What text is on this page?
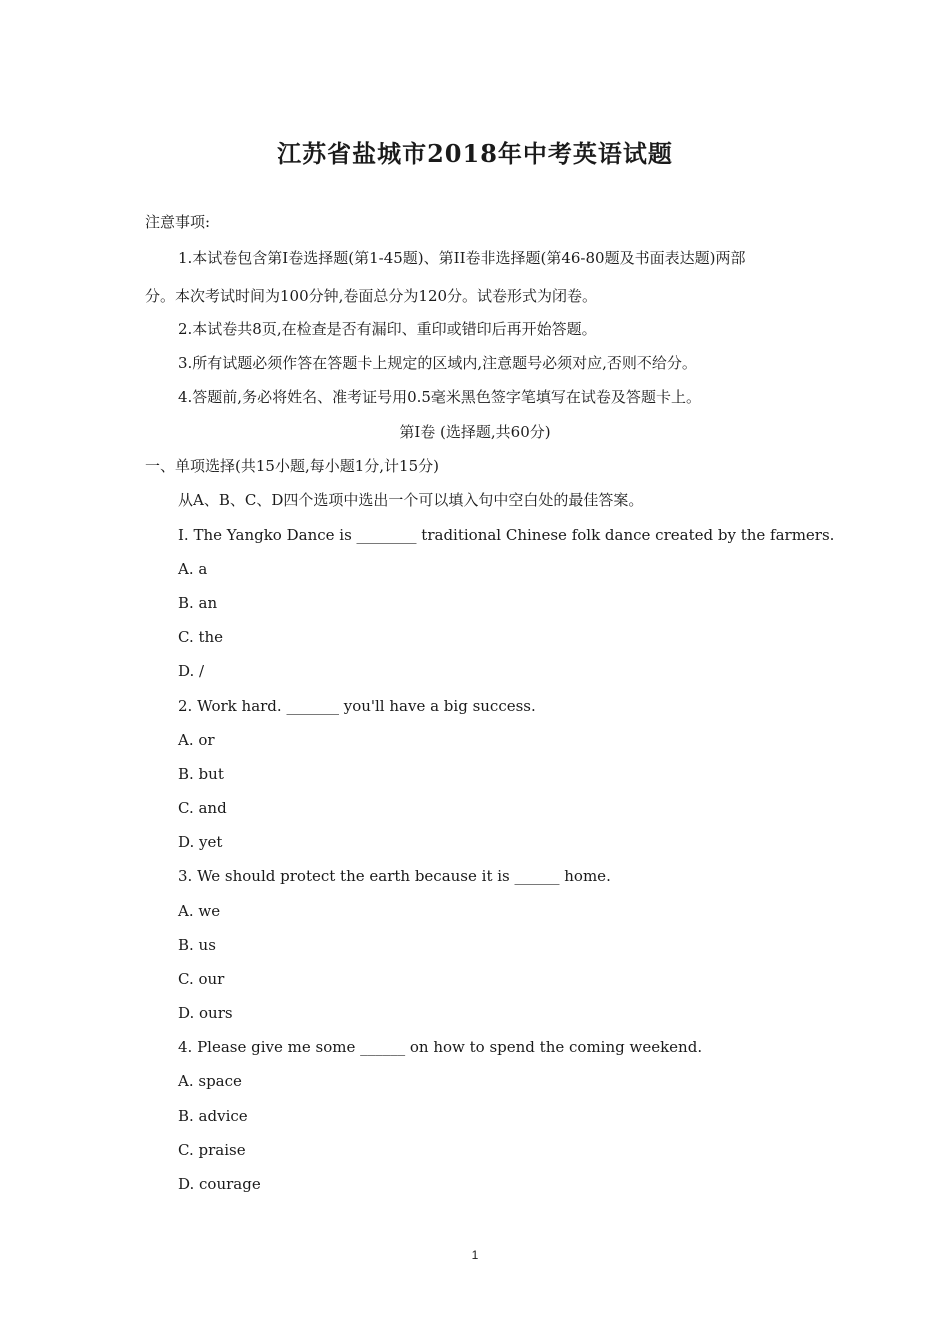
江苏省盐城市2018年中考英语试题
注意事项:
1.本试卷包含第I卷选择题(第1-45题)、第II卷非选择题(第46-80题及书面表达题)两部
分。本次考试时间为100分钟,卷面总分为120分。试卷形式为闭卷。
2.本试卷共8页,在检查是否有漏印、重印或错印后再开始答题。
3.所有试题必须作答在答题卡上规定的区域内,注意题号必须对应,否则不给分。
4.答题前,务必将姓名、准考证号用0.5毫米黑色签字笔填写在试卷及答题卡上。
第I卷 (选择题,共60分)
一、单项选择(共15小题,每小题1分,计15分)
从A、B、C、D四个选项中选出一个可以填入句中空白处的最佳答案。
I. The Yangko Dance is ________ traditional Chinese folk dance created by the farmers.
A. a
B. an
C. the
D. /
2. Work hard. _______ you'll have a big success.
A. or
B. but
C. and
D. yet
3. We should protect the earth because it is ______ home.
A. we
B. us
C. our
D. ours
4. Please give me some ______ on how to spend the coming weekend.
A. space
B. advice
C. praise
D. courage
1
